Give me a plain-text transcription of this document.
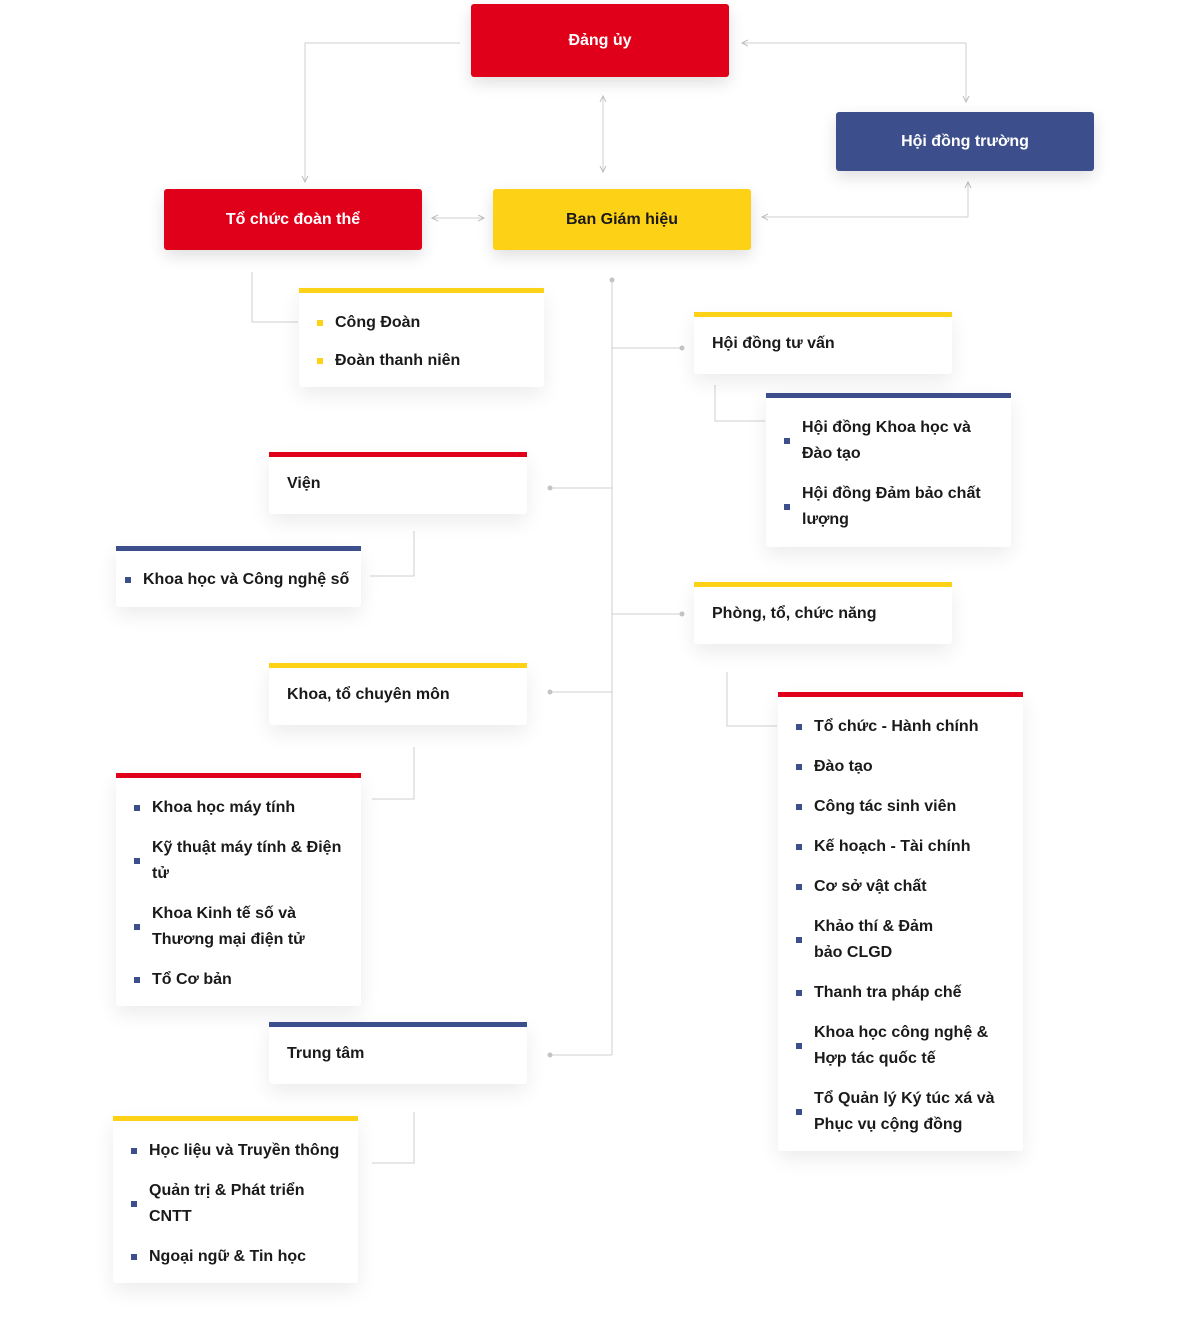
Đảng ủy
Hội đồng trường
Tổ chức đoàn thể	Ban Giám hiệu
Công Đoàn
Đoàn thanh niên
Hội đồng tư vấn
Hội đồng Khoa học và Đào tạo
Hội đồng Đảm bảo chất lượng
Viện
Khoa học và Công nghệ số
Phòng, tổ, chức năng
Tổ chức - Hành chính
Đào tạo
Công tác sinh viên
Kế hoạch - Tài chính
Cơ sở vật chất
Khảo thí & Đảm bảo CLGD
Thanh tra pháp chế
Khoa học công nghệ & Hợp tác quốc tế
Tổ Quản lý Ký túc xá và Phục vụ cộng đồng
Khoa, tổ chuyên môn
Khoa học máy tính
Kỹ thuật máy tính & Điện tử
Khoa Kinh tế số và Thương mại điện tử
Tổ Cơ bản
Trung tâm
Học liệu và Truyền thông
Quản trị & Phát triển CNTT
Ngoại ngữ & Tin học
